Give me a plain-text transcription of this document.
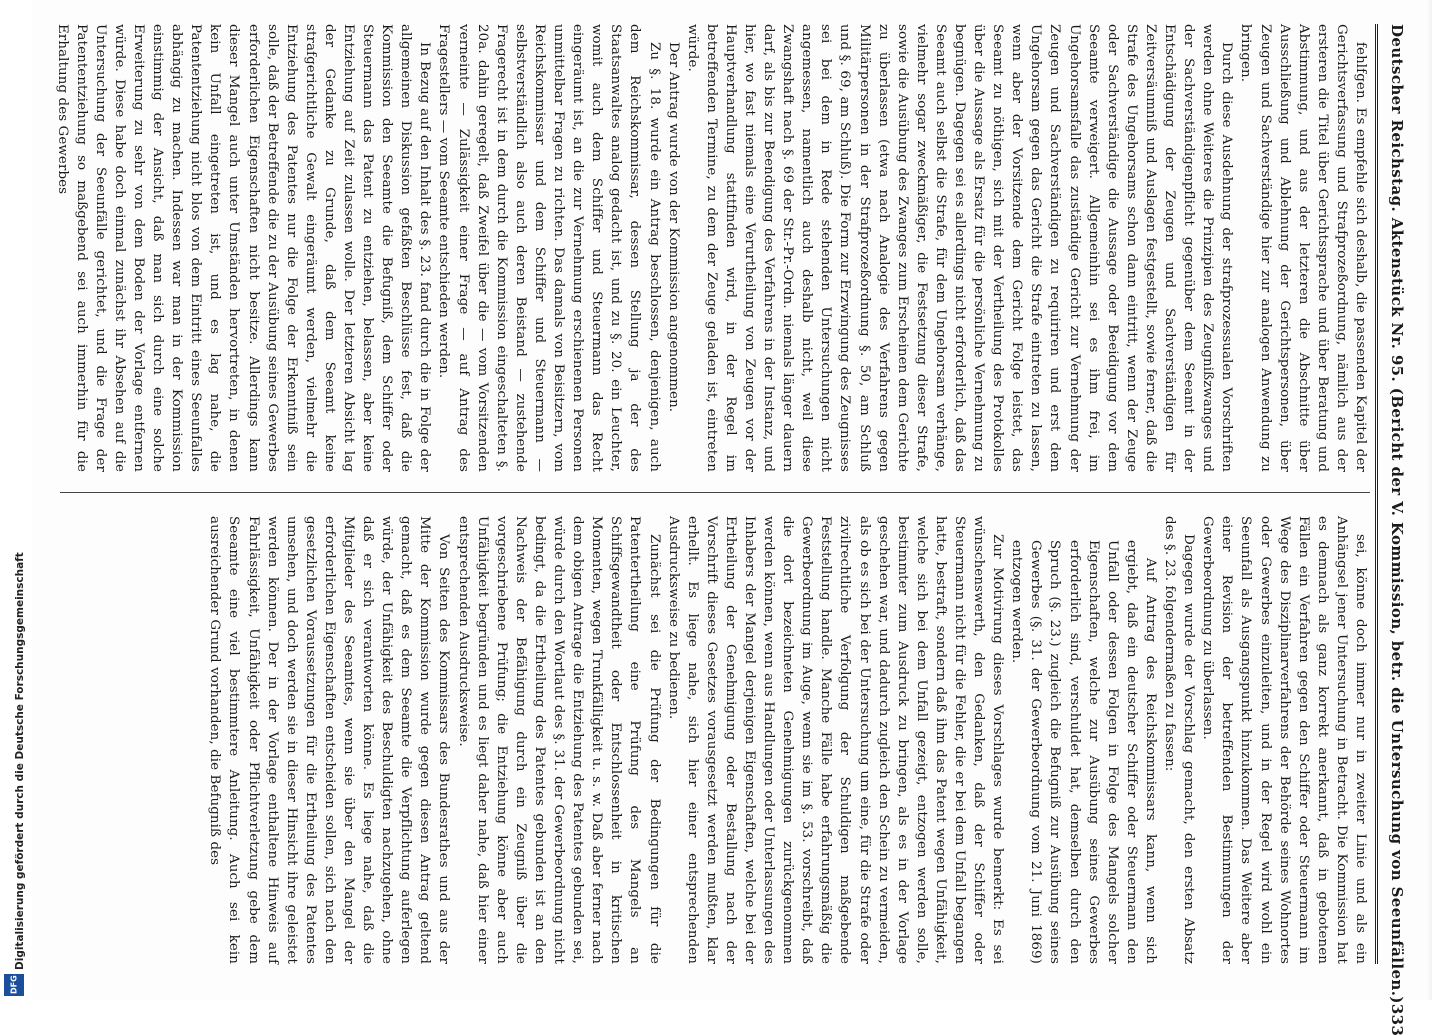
Deutscher Reichstag. Aktenstück Nr. 95. (Bericht der V. Kommission, betr. die Untersuchung von Seeunfällen.)
333

fehlfgen. Es empfehle sich deshalb, die passenden Kapitel der Gerichtsverfassung und Strafprozeßordnung, nämlich aus der ersteren die Titel über Gerichtssprache und über Beratung und Abstimmung, und aus der letzteren die Abschnitte über Ausschließung und Ablehnung der Gerichtspersonen, über Zeugen und Sachverständige hier zur analogen Anwendung zu bringen.

Durch diese Ausdehnung der strafprozessualen Vorschriften werden ohne Weiteres die Prinzipien des Zeugnißzwanges und der Sachverständigenpflicht gegenüber dem Seeamt in der Entschädigung der Zeugen und Sachverständigen für Zeitversäumniß und Auslagen festgestellt, sowie ferner, daß die Strafe des Ungehorsams schon dann eintritt, wenn der Zeuge oder Sachverständige die Aussage oder Beeidigung vor dem Seeamte verweigert. Allgemeinhin sei es ihm frei, im Ungehorsamsfalle das zuständige Gericht zur Vernehmung der Zeugen und Sachverständigen zu requiriren und erst dem Ungehorsam gegen das Gericht die Strafe eintreten zu lassen, wenn aber der Vorsitzende dem Gericht Folge leistet, das Seeamt zu nöthigen, sich mit der Vertheilung des Protokolles über die Aussage als Ersatz für die persönliche Vernehmung zu begnügen. Dagegen sei es allerdings nicht erforderlich, daß das Seeamt auch selbst die Strafe, für dem Ungehorsam verhänge, vielmehr sogar zweckmäßiger, die Festsetzung dieser Strafe, sowie die Ausübung des Zwanges zum Erscheinen dem Gerichte zu überlassen (etwa nach Analogie des Verfahrens gegen Militärpersonen in der Strafprozeßordnung §. 50, am Schluß und §. 69, am Schluß). Die Form zur Erzwingung des Zeugnisses sei bei dem in Rede stehenden Untersuchungen nicht angemessen, namentlich auch deshalb nicht, weil diese Zwangshaft nach §. 69 der Str.-Pr.-Ordn. niemals länger dauern darf, als bis zur Beendigung des Verfahrens in der Instanz, und hier, wo fast niemals eine Verurtheilung von Zeugen vor der Hauptverhandlung stattfinden wird, in der Regel im betreffenden Termine, zu dem der Zeuge geladen ist, eintreten würde.

Der Antrag wurde von der Kommission angenommen.

Zu §. 18. wurde ein Antrag beschlossen, denjenigen, auch dem Reichskommissar, dessen Stellung ja der des Staatsanwaltes analog gedacht ist, und zu §. 20. ein Leuchter, womit auch dem Schiffer und Steuermann das Recht eingeräumt ist, an die zur Vernehmung erschienenen Personen unmittelbar Fragen zu richten. Das damals von Beisitzern, vom Reichskommissar und dem Schiffer und Steuermann — selbstverständlich also auch deren Beistand — zustehende Fragerecht ist in dem durch die Kommission eingeschalteten §. 20a. dahin geregelt, daß Zweifel über die — vom Vorsitzenden verneinte — Zulässigkeit einer Frage — auf Antrag des Fragestellers — vom Seeamte entschieden werden.

In Bezug auf den Inhalt des §. 23. fand durch die in Folge der allgemeinen Diskussion gefaßten Beschlüsse fest, daß die Kommission den Seeamte die Befugniß, dem Schiffer oder Steuermann das Patent zu entziehen, belassen, aber keine Entziehung auf Zeit zulassen wolle. Der letzteren Absicht lag der Gedanke zu Grunde, daß dem Seeamt keine strafgerichtliche Gewalt eingeräumt werden, vielmehr die Entziehung des Patentes nur die Folge der Erkenntniß sein solle, daß der Betreffende die zu der Ausübung seines Gewerbes erforderlichen Eigenschaften nicht besitze. Allerdings kann dieser Mangel auch unter Umständen hervortreten, in denen kein Unfall eingetreten ist, und es lag nahe, die Patententziehung nicht blos von dem Eintritt eines Seeunfalles abhängig zu machen. Indessen war man in der Kommission einstimmig der Ansicht, daß man sich durch eine solche Erweiterung zu sehr von dem Boden der Vorlage entfernen würde. Diese habe doch einmal zunächst ihr Absehen auf die Untersuchung der Seeunfälle gerichtet, und die Frage der Patententziehung so maßgebend sei auch immerhin für die Erhaltung des Gewerbes

sei, könne doch immer nur in zweiter Linie und als ein Anhängsel jener Untersuchung in Betracht. Die Kommission hat es demnach als ganz korrekt anerkannt, daß in gebotenen Fällen ein Verfahren gegen den Schiffer oder Steuermann im Wege des Disziplinarverfahrens der Behörde seines Wohnortes oder Gewerbes einzuleiten, und in der Regel wird wohl ein Seeunfall als Ausgangspunkt hinzukommen. Das Weitere aber einer Revision der betreffenden Bestimmungen der Gewerbeordnung zu überlassen.

Dagegen wurde der Vorschlag gemacht, den ersten Absatz des §. 23. folgendermaßen zu fassen:

Auf Antrag des Reichskommissars kann, wenn sich ergiebt, daß ein deutscher Schiffer oder Steuermann den Unfall oder dessen Folgen in Folge des Mangels solcher Eigenschaften, welche zur Ausübung seines Gewerbes erforderlich sind, verschuldet hat, demselben durch den Spruch (§. 23.) zugleich die Befugniß zur Ausübung seines Gewerbes (§. 31. der Gewerbeordnung vom 21. Juni 1869) entzogen werden.

Zur Motivirung dieses Vorschlages wurde bemerkt: Es sei wünschenswerth, den Gedanken, daß der Schiffer oder Steuermann nicht für die Fehler, die er bei dem Unfall begangen hatte, bestraft, sondern daß ihm das Patent wegen Unfähigkeit, welche sich bei dem Unfall gezeigt, entzogen werden solle, bestimmter zum Ausdruck zu bringen, als es in der Vorlage geschehen war, und dadurch zugleich den Schein zu vermeiden, als ob es sich bei der Untersuchung um eine, für die Strafe oder zivilrechtliche Verfolgung der Schuldigen maßgebende Feststellung handle. Manche Fälle habe erfahrungsmäßig die Gewerbeordnung im Auge, wenn sie im §. 53. vorschreibt, daß die dort bezeichneten Genehmigungen zurückgenommen werden können, wenn aus Handlungen oder Unterlassungen des Inhabers der Mangel derjenigen Eigenschaften, welche bei der Ertheilung der Genehmigung oder Bestallung nach der Vorschrift dieses Gesetzes vorausgesetzt werden mußten, klar erhellt. Es liege nahe, sich hier einer entsprechenden Ausdrucksweise zu bedienen.

Zunächst sei die Prüfung der Bedingungen für die Patentertheilung eine Prüfung des Mangels an Schiffsgewandtheit oder Entschlossenheit in kritischen Momenten, wegen Trunkfälligkeit u. s. w. Daß aber ferner nach dem obigen Antrage die Entziehung des Patentes gebunden sei, würde durch den Wortlaut des §. 31. der Gewerbeordnung nicht bedingt, da die Ertheilung des Patentes gebunden ist an den Nachweis der Befähigung durch ein Zeugniß über die vorgeschriebene Prüfung; die Entziehung könne aber auch Unfähigkeit begründen und es liegt daher nahe, daß hier einer entsprechenden Ausdrucksweise.

Von Seiten des Kommissars des Bundesrathes und aus der Mitte der Kommission wurde gegen diesen Antrag geltend gemacht, daß es dem Seeamte die Verpflichtung auferlegen würde, der Unfähigkeit des Beschuldigten nachzugehen, ohne daß er sich verantworten könne. Es liege nahe, daß die Mitglieder des Seeamtes, wenn sie über den Mangel der erforderlichen Eigenschaften entscheiden sollen, sich nach den gesetzlichen Voraussetzungen für die Ertheilung des Patentes umsehen, und doch werden sie in dieser Hinsicht ihre geleistet werden können. Der in der Vorlage enthaltene Hinweis auf Fahrlässigkeit, Unfähigkeit oder Pflichtverletzung gebe dem Seeamte eine viel bestimmtere Anleitung. Auch sei kein ausreichender Grund vorhanden, die Befugniß des

Digitalisierung gefördert durch die Deutsche Forschungsgemeinschaft
DFG
